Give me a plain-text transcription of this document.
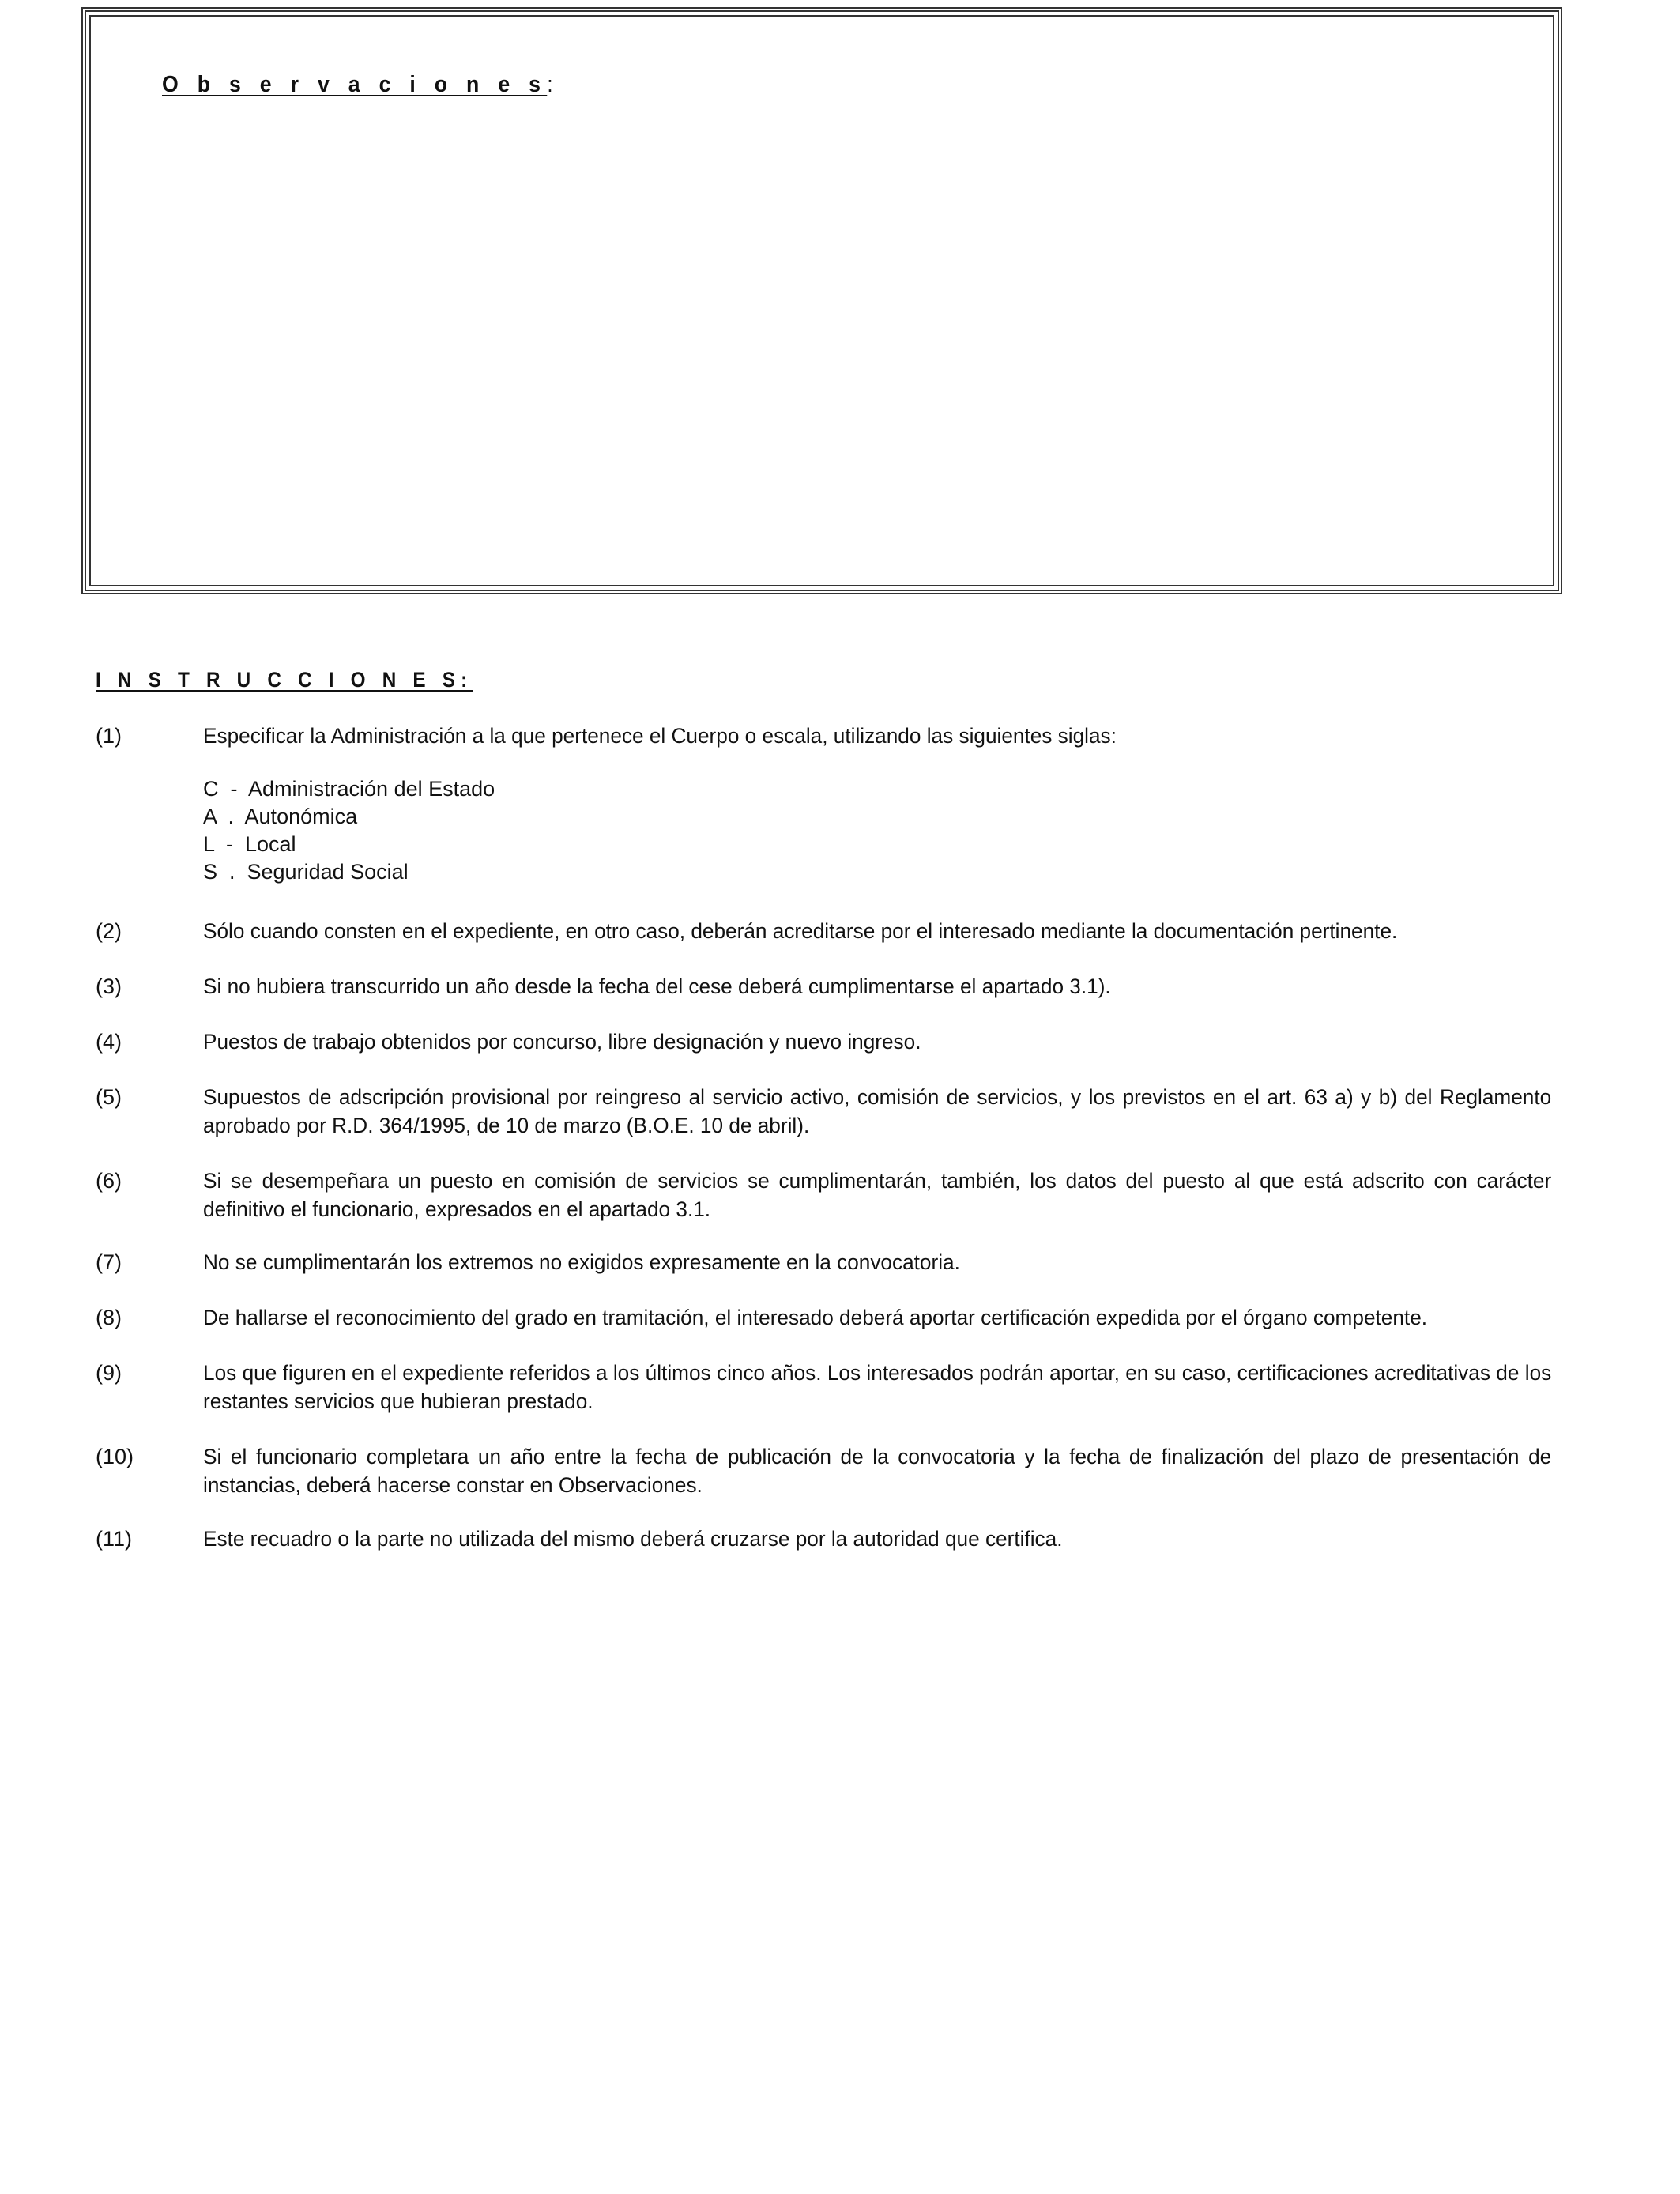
O b s e r v a c i o n e s:
I N S T R U C C I O N E S:
(1)	Especificar la Administración a la que pertenece el Cuerpo o escala, utilizando las siguientes siglas:
C  -  Administración del Estado
A  .  Autonómica
L  -  Local
S  .  Seguridad Social
(2)	Sólo cuando consten en el expediente, en otro caso, deberán acreditarse por el interesado mediante la documentación pertinente.
(3)	Si no hubiera transcurrido un año desde la fecha del cese deberá cumplimentarse el apartado 3.1).
(4)	Puestos de trabajo obtenidos por concurso, libre designación y nuevo ingreso.
(5)	Supuestos de adscripción provisional por reingreso al servicio activo, comisión de servicios, y los previstos en el art. 63 a) y b) del Reglamento aprobado por R.D. 364/1995, de 10 de marzo (B.O.E. 10 de abril).
(6)	Si se desempeñara un puesto en comisión de servicios se cumplimentarán, también, los datos del puesto al que está adscrito con carácter definitivo el funcionario, expresados en el apartado 3.1.
(7)	No se cumplimentarán los extremos no exigidos expresamente en la convocatoria.
(8)	De hallarse el reconocimiento del grado en tramitación, el interesado deberá aportar certificación expedida por el órgano competente.
(9)	Los que figuren en el expediente referidos a los últimos cinco años. Los interesados podrán aportar, en su caso, certificaciones acreditativas de los restantes servicios que hubieran prestado.
(10)	Si el funcionario completara un año entre la fecha de publicación de la convocatoria y la fecha de finalización del plazo de presentación de instancias, deberá hacerse constar en Observaciones.
(11)	Este recuadro o la parte no utilizada del mismo deberá cruzarse por la autoridad que certifica.
